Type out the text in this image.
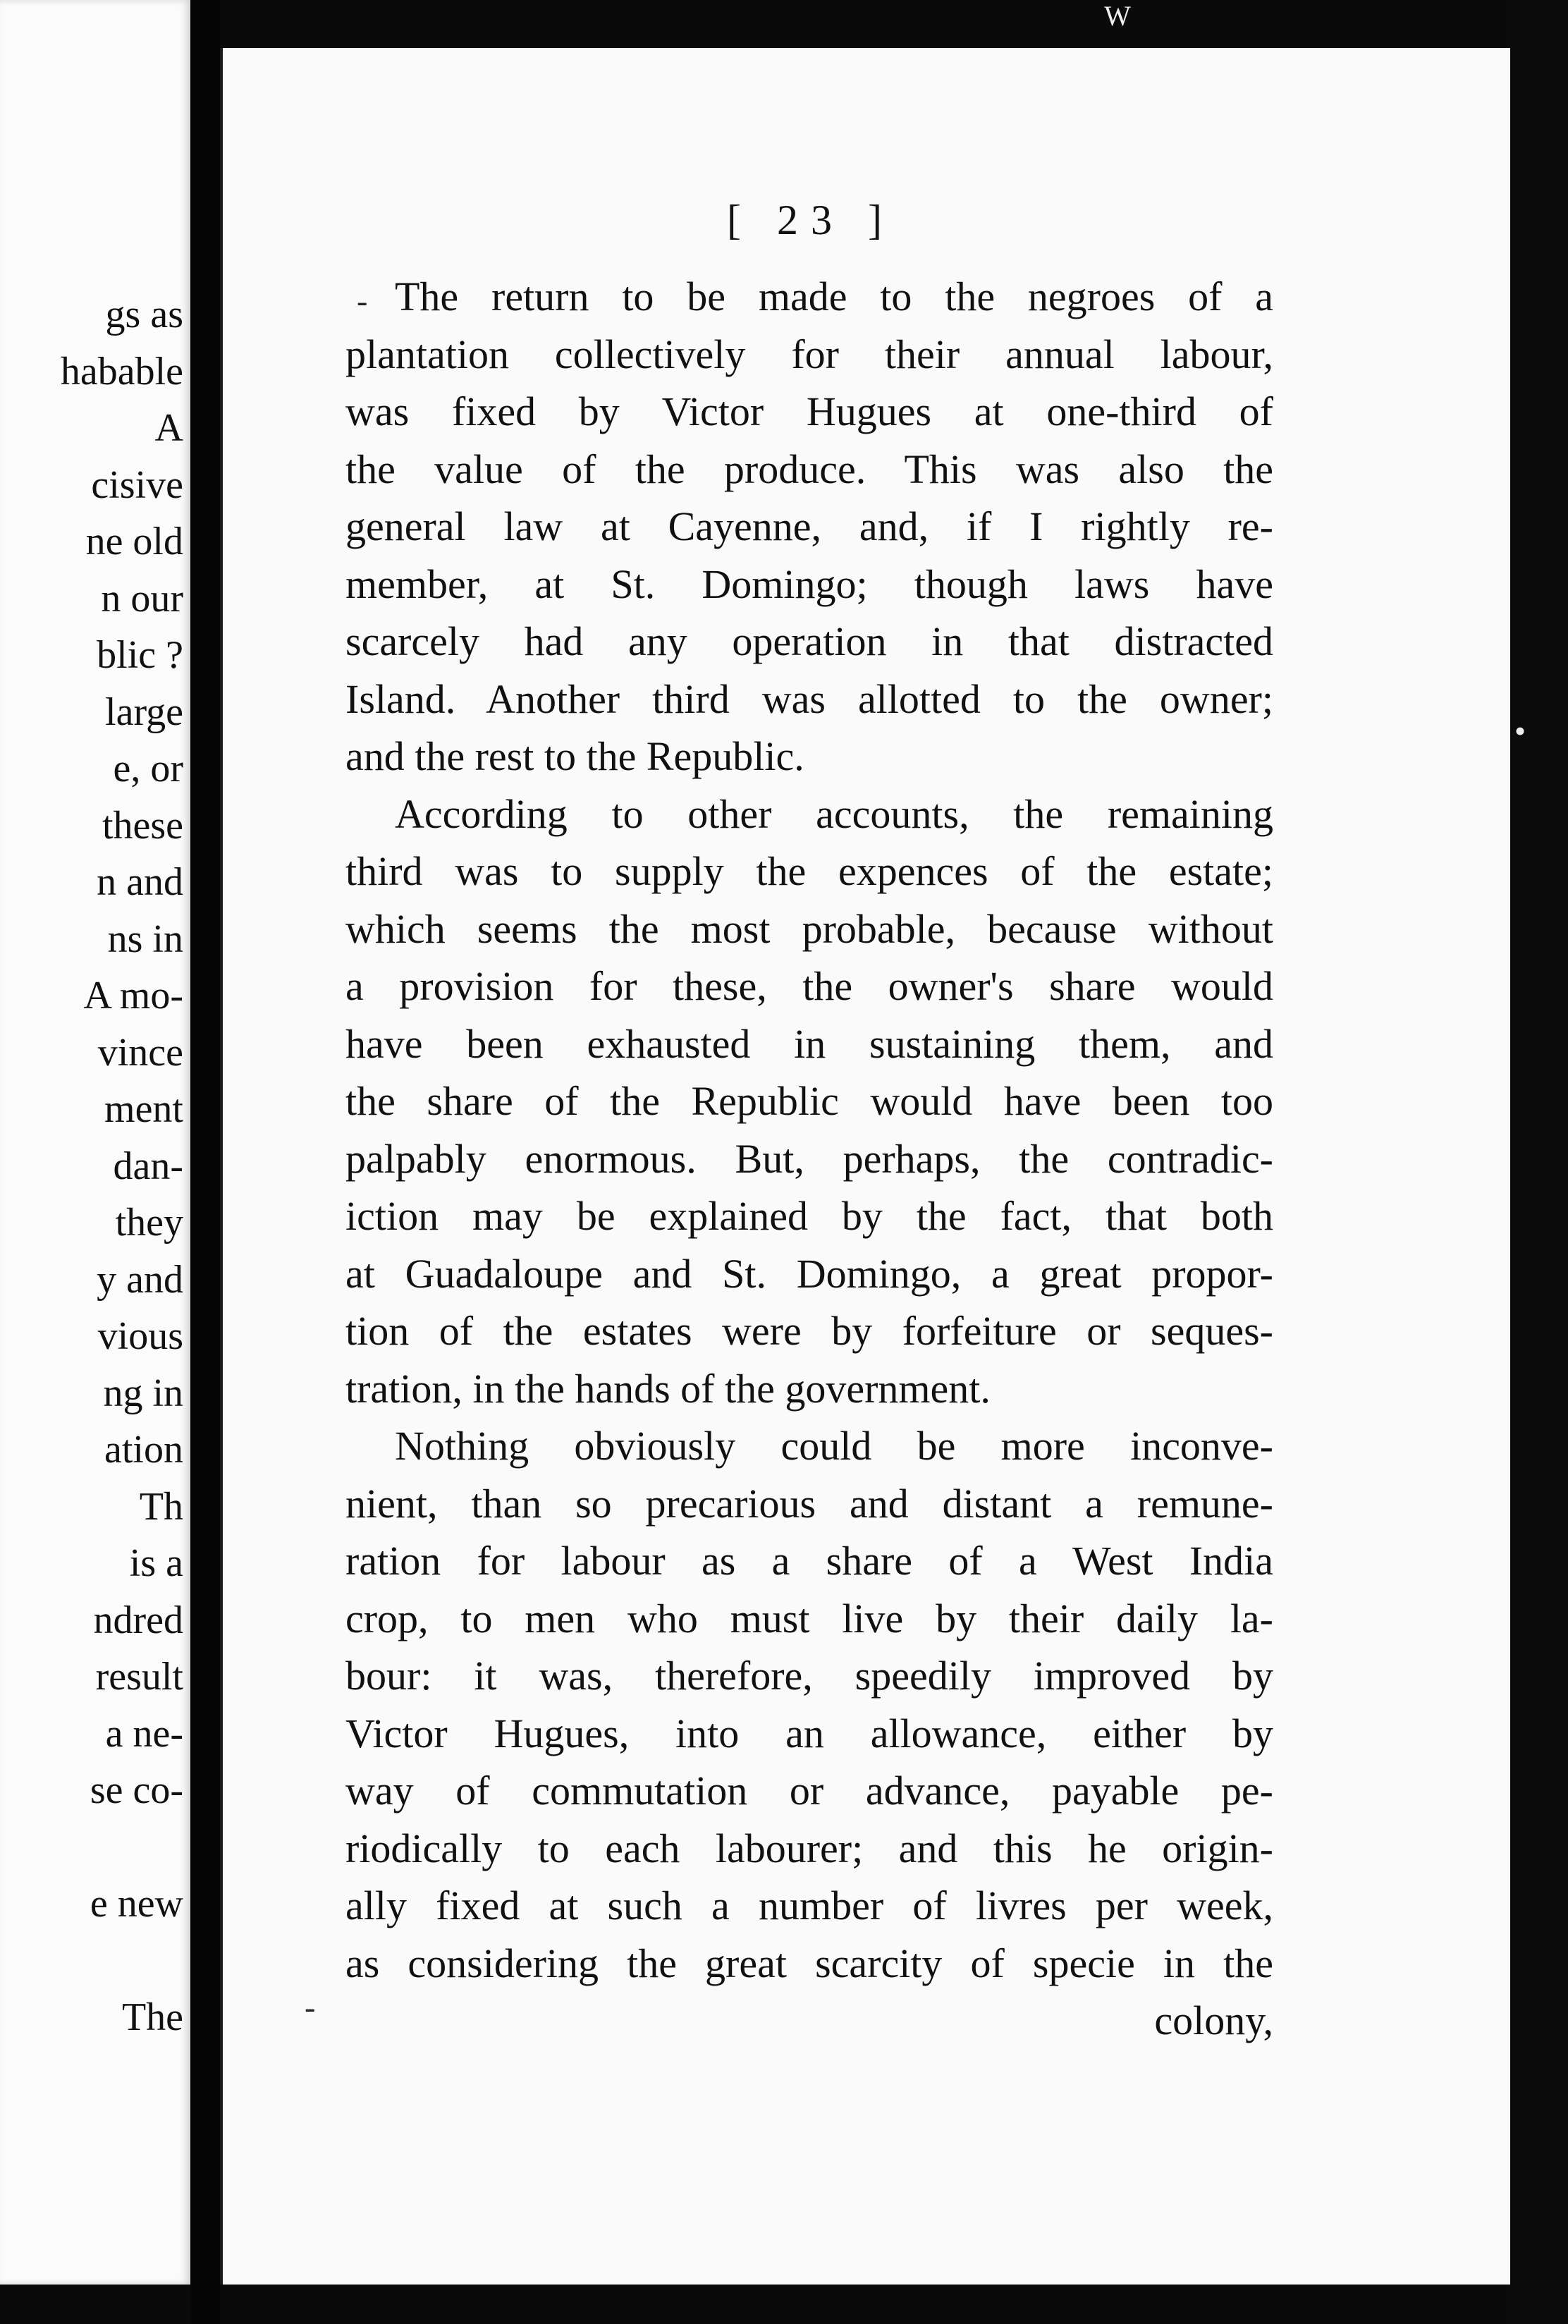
gs as
habable
A
cisive
ne old
n our
blic ?
large
e, or
these
n and
ns in
A mo-
vince
ment
dan-
they
y and
vious
ng in
ation
Th
is a
ndred
result
a ne-
se co-
e new
The
W
[ 23 ]
The return to be made to the negroes of a
plantation collectively for their annual labour,
was fixed by Victor Hugues at one-third of
the value of the produce. This was also the
general law at Cayenne, and, if I rightly re-
member, at St. Domingo; though laws have
scarcely had any operation in that distracted
Island. Another third was allotted to the owner;
and the rest to the Republic.
According to other accounts, the remaining
third was to supply the expences of the estate;
which seems the most probable, because without
a provision for these, the owner's share would
have been exhausted in sustaining them, and
the share of the Republic would have been too
palpably enormous. But, perhaps, the contradic-
iction may be explained by the fact, that both
at Guadaloupe and St. Domingo, a great propor-
tion of the estates were by forfeiture or seques-
tration, in the hands of the government.
Nothing obviously could be more inconve-
nient, than so precarious and distant a remune-
ration for labour as a share of a West India
crop, to men who must live by their daily la-
bour: it was, therefore, speedily improved by
Victor Hugues, into an allowance, either by
way of commutation or advance, payable pe-
riodically to each labourer; and this he origin-
ally fixed at such a number of livres per week,
as considering the great scarcity of specie in the
colony,
-
-
•
